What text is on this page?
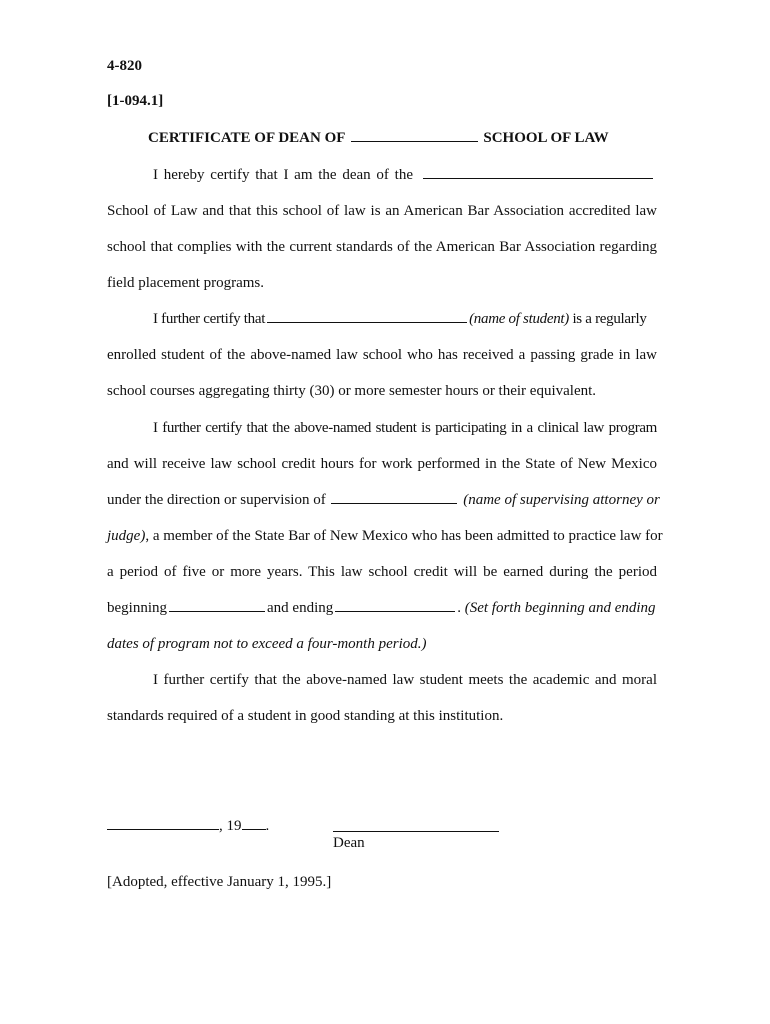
4-820
[1-094.1]
CERTIFICATE OF DEAN OF	SCHOOL OF LAW
I hereby certify that I am the dean of the
School of Law and that this school of law is an American Bar Association accredited law
school that complies with the current standards of the American Bar Association regarding
field placement programs.
I further certify that	(name of student) is a regularly
enrolled student of the above-named law school who has received a passing grade in law
school courses aggregating thirty (30) or more semester hours or their equivalent.
I further certify that the above-named student is participating in a clinical law program
and will receive law school credit hours for work performed in the State of New Mexico
under the direction or supervision of	(name of supervising attorney or
judge), a member of the State Bar of New Mexico who has been admitted to practice law for
a period of five or more years. This law school credit will be earned during the period
beginning	and ending	. (Set forth beginning and ending
dates of program not to exceed a four-month period.)
I further certify that the above-named law student meets the academic and moral
standards required of a student in good standing at this institution.
, 19 .
Dean
[Adopted, effective January 1, 1995.]
